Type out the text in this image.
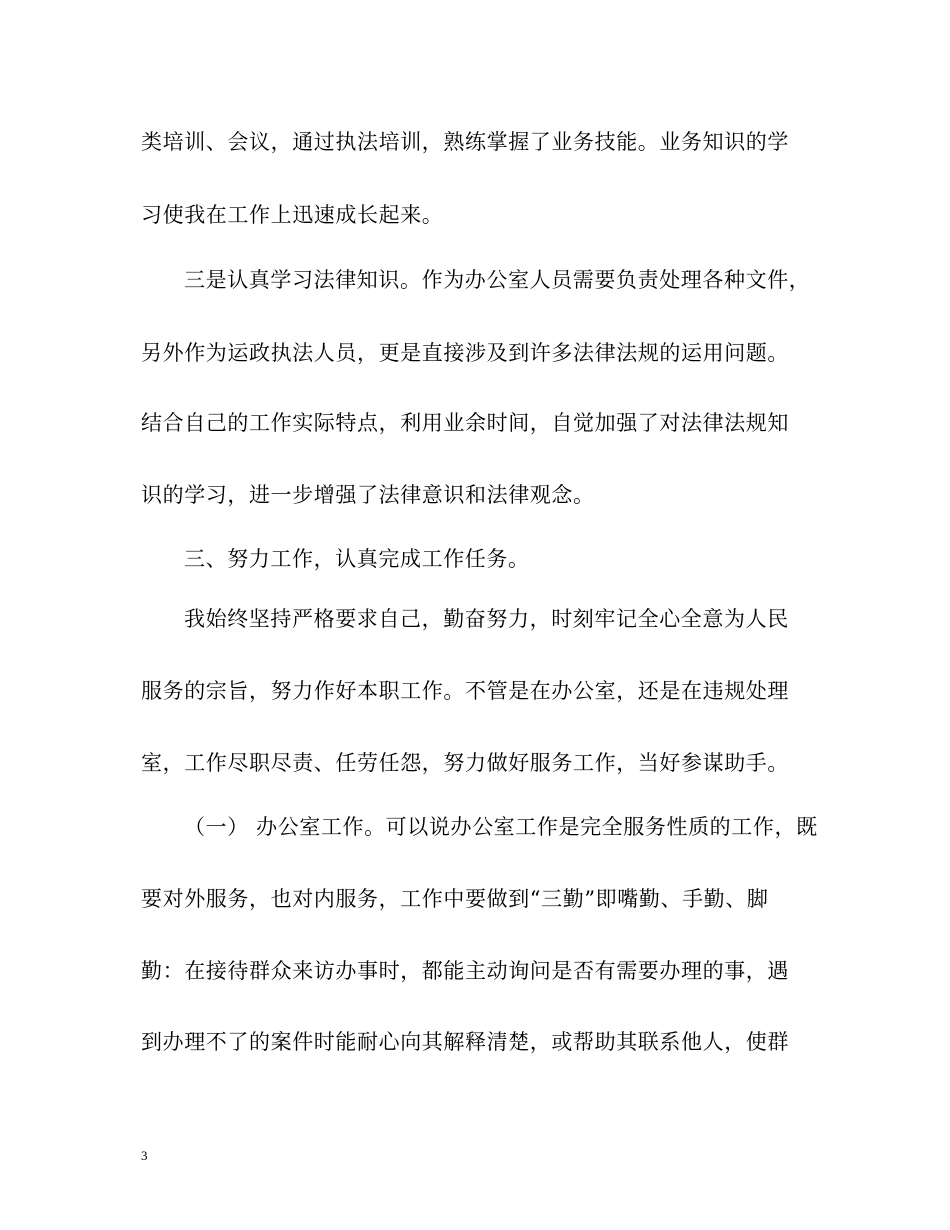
类培训、会议，通过执法培训，熟练掌握了业务技能。业务知识的学
习使我在工作上迅速成长起来。
三是认真学习法律知识。作为办公室人员需要负责处理各种文件，
另外作为运政执法人员，更是直接涉及到许多法律法规的运用问题。
结合自己的工作实际特点，利用业余时间，自觉加强了对法律法规知
识的学习，进一步增强了法律意识和法律观念。
三、努力工作，认真完成工作任务。
我始终坚持严格要求自己，勤奋努力，时刻牢记全心全意为人民
服务的宗旨，努力作好本职工作。不管是在办公室，还是在违规处理
室，工作尽职尽责、任劳任怨，努力做好服务工作，当好参谋助手。
（一） 办公室工作。可以说办公室工作是完全服务性质的工作，既
要对外服务，也对内服务，工作中要做到“三勤”即嘴勤、手勤、脚
勤：在接待群众来访办事时，都能主动询问是否有需要办理的事，遇
到办理不了的案件时能耐心向其解释清楚，或帮助其联系他人，使群
3
